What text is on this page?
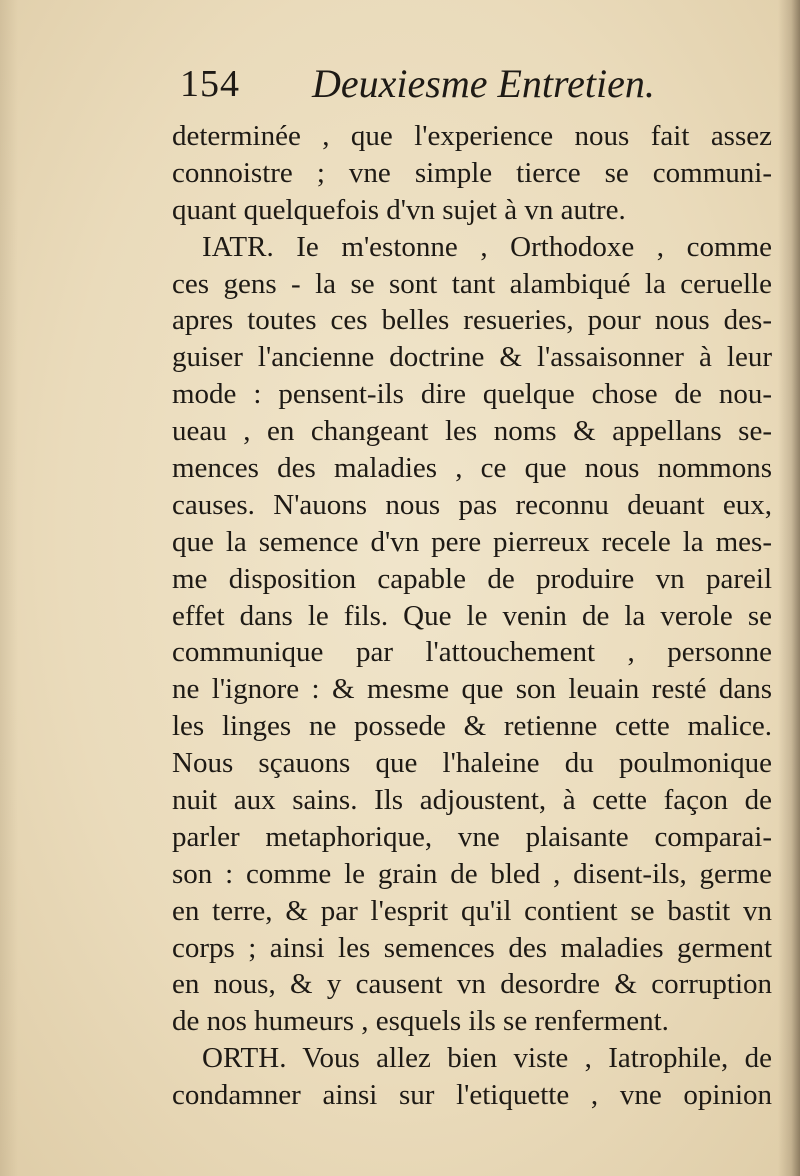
154 Deuxiesme Entretien.
determinée , que l'experience nous fait assez
connoistre ; vne simple tierce se communi-
quant quelquefois d'vn sujet à vn autre.
IATR. Ie m'estonne , Orthodoxe , comme
ces gens - la se sont tant alambiqué la ceruelle
apres toutes ces belles resueries, pour nous des-
guiser l'ancienne doctrine & l'assaisonner à leur
mode : pensent-ils dire quelque chose de nou-
ueau , en changeant les noms & appellans se-
mences des maladies , ce que nous nommons
causes. N'auons nous pas reconnu deuant eux,
que la semence d'vn pere pierreux recele la mes-
me disposition capable de produire vn pareil
effet dans le fils. Que le venin de la verole se
communique par l'attouchement , personne
ne l'ignore : & mesme que son leuain resté dans
les linges ne possede & retienne cette malice.
Nous sçauons que l'haleine du poulmonique
nuit aux sains. Ils adjoustent, à cette façon de
parler metaphorique, vne plaisante comparai-
son : comme le grain de bled , disent-ils, germe
en terre, & par l'esprit qu'il contient se bastit vn
corps ; ainsi les semences des maladies germent
en nous, & y causent vn desordre & corruption
de nos humeurs , esquels ils se renferment.
ORTH. Vous allez bien viste , Iatrophile, de
condamner ainsi sur l'etiquette , vne opinion
